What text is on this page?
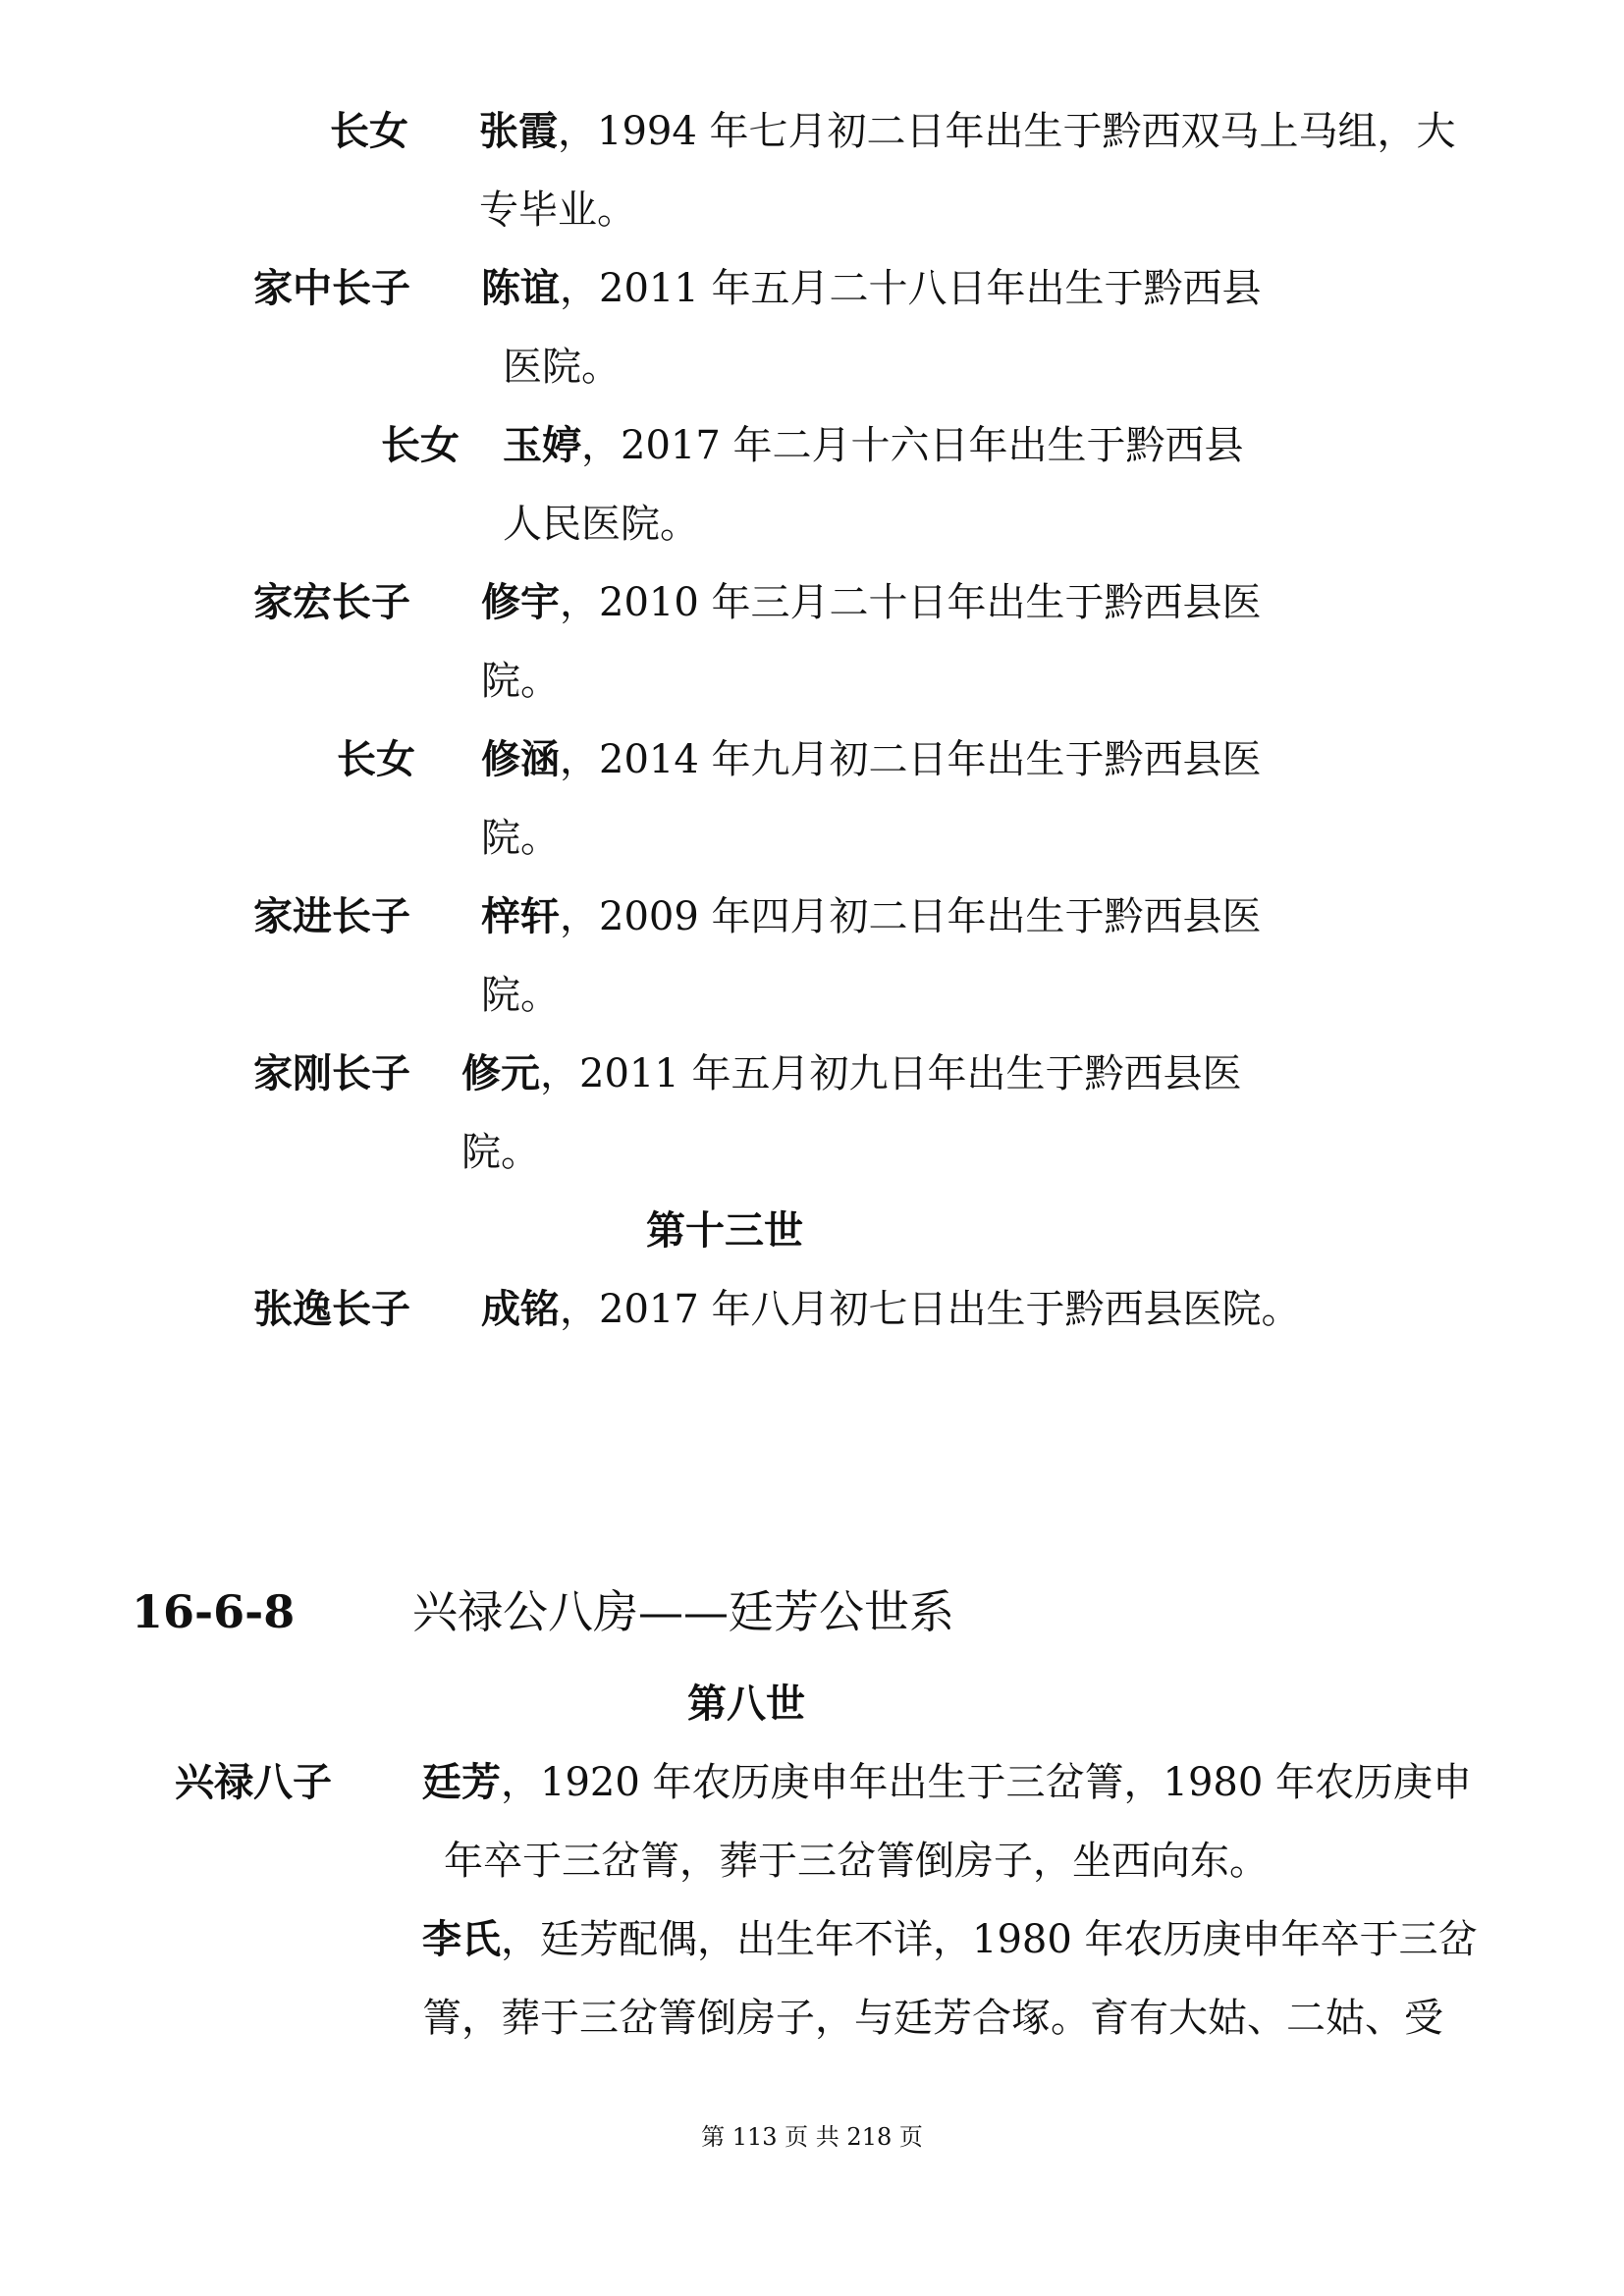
长女 张霞，1994 年七月初二日年出生于黔西双马上马组，大
专毕业。
家中长子 陈谊，2011 年五月二十八日年出生于黔西县
医院。
长女 玉婷，2017 年二月十六日年出生于黔西县
人民医院。
家宏长子 修宇，2010 年三月二十日年出生于黔西县医
院。
长女 修涵，2014 年九月初二日年出生于黔西县医
院。
家进长子 梓轩，2009 年四月初二日年出生于黔西县医
院。
家刚长子 修元，2011 年五月初九日年出生于黔西县医
院。
第十三世
张逸长子 成铭，2017 年八月初七日出生于黔西县医院。
16-6-8	兴禄公八房——廷芳公世系
第八世
兴禄八子 廷芳，1920 年农历庚申年出生于三岔箐，1980 年农历庚申
年卒于三岔箐，葬于三岔箐倒房子，坐西向东。
李氏，廷芳配偶，出生年不详，1980 年农历庚申年卒于三岔
箐，葬于三岔箐倒房子，与廷芳合塚。育有大姑、二姑、受
第 113 页 共 218 页
